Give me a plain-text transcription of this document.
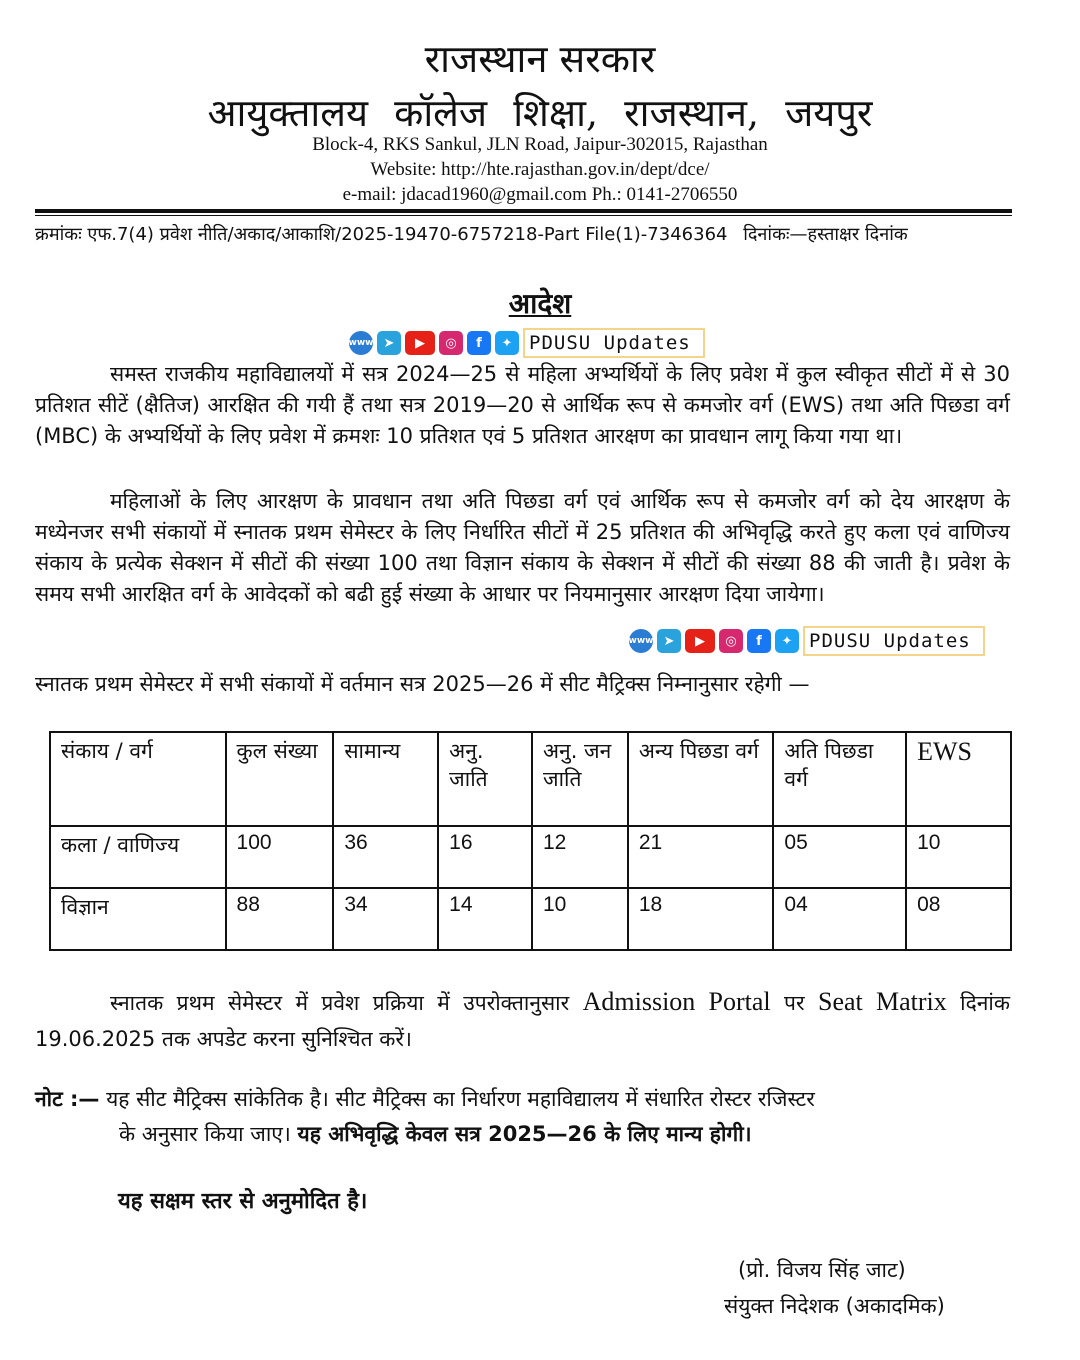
राजस्थान सरकार
आयुक्तालय कॉलेज शिक्षा, राजस्थान, जयपुर
Block-4, RKS Sankul, JLN Road, Jaipur-302015, Rajasthan
Website: http://hte.rajasthan.gov.in/dept/dce/
e-mail: jdacad1960@gmail.com Ph.: 0141-2706550
क्रमांकः एफ.7(4) प्रवेश नीति/अकाद/आकाशि/2025-19470-6757218-Part File(1)-7346364 दिनांकः—हस्ताक्षर दिनांक
आदेश
www ➤	▶	◎	f	✦ PDUSU Updates
समस्त राजकीय महाविद्यालयों में सत्र 2024—25 से महिला अभ्यर्थियों के लिए प्रवेश में कुल स्वीकृत सीटों में से 30 प्रतिशत सीटें (क्षैतिज) आरक्षित की गयी हैं तथा सत्र 2019—20 से आर्थिक रूप से कमजोर वर्ग (EWS) तथा अति पिछडा वर्ग (MBC) के अभ्यर्थियों के लिए प्रवेश में क्रमशः 10 प्रतिशत एवं 5 प्रतिशत आरक्षण का प्रावधान लागू किया गया था।
महिलाओं के लिए आरक्षण के प्रावधान तथा अति पिछडा वर्ग एवं आर्थिक रूप से कमजोर वर्ग को देय आरक्षण के मध्येनजर सभी संकायों में स्नातक प्रथम सेमेस्टर के लिए निर्धारित सीटों में 25 प्रतिशत की अभिवृद्धि करते हुए कला एवं वाणिज्य संकाय के प्रत्येक सेक्शन में सीटों की संख्या 100 तथा विज्ञान संकाय के सेक्शन में सीटों की संख्या 88 की जाती है। प्रवेश के समय सभी आरक्षित वर्ग के आवेदकों को बढी हुई संख्या के आधार पर नियमानुसार आरक्षण दिया जायेगा।
www ➤	▶	◎	f	✦ PDUSU Updates
स्नातक प्रथम सेमेस्टर में सभी संकायों में वर्तमान सत्र 2025—26 में सीट मैट्रिक्स निम्नानुसार रहेगी —
संकाय / वर्ग	कुल संख्या	सामान्य	अनु. जाति	अनु. जन जाति	अन्य पिछडा वर्ग	अति पिछडा वर्ग	EWS
कला / वाणिज्य	100	36	16	12	21	05	10
विज्ञान	88	34	14	10	18	04	08
स्नातक प्रथम सेमेस्टर में प्रवेश प्रक्रिया में उपरोक्तानुसार Admission Portal पर Seat Matrix दिनांक 19.06.2025 तक अपडेट करना सुनिश्चित करें।
नोट :— यह सीट मैट्रिक्स सांकेतिक है। सीट मैट्रिक्स का निर्धारण महाविद्यालय में संधारित रोस्टर रजिस्टर
के अनुसार किया जाए। यह अभिवृद्धि केवल सत्र 2025—26 के लिए मान्य होगी।
यह सक्षम स्तर से अनुमोदित है।
(प्रो. विजय सिंह जाट)
संयुक्त निदेशक (अकादमिक)
